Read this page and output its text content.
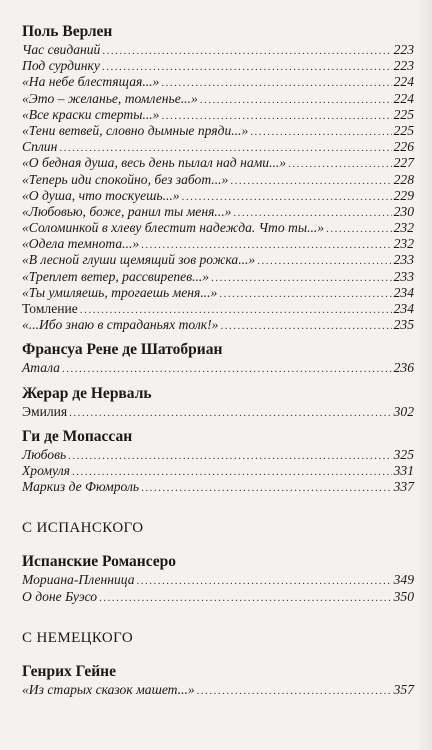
Поль Верлен
Час свиданий .....	223
Под сурдинку .....	223
«На небе блестящая...» .....	224
«Это – желанье, томленье...» .....	224
«Все краски стерты...» .....	225
«Тени ветвей, словно дымные пряди...» .....	225
Сплин .....	226
«О бедная душа, весь день пылал над нами...» .....	227
«Теперь иди спокойно, без забот...» .....	228
«О душа, что тоскуешь...» .....	229
«Любовью, боже, ранил ты меня...» .....	230
«Соломинкой в хлеву блестит надежда. Что ты...» .....	232
«Одела темнота...» .....	232
«В лесной глуши щемящий зов рожка...» .....	233
«Треплет ветер, рассвирепев...» .....	233
«Ты умиляешь, трогаешь меня...» .....	234
Томление .....	234
«...Ибо знаю в страданьях толк!» .....	235
Франсуа Рене де Шатобриан
Атала .....	236
Жерар де Нерваль
Эмилия .....	302
Ги де Мопассан
Любовь .....	325
Хромуля .....	331
Маркиз де Фюмроль .....	337
С ИСПАНСКОГО
Испанские Романсеро
Мориана-Пленница .....	349
О доне Буэсо .....	350
С НЕМЕЦКОГО
Генрих Гейне
«Из старых сказок машет...» .....	357
